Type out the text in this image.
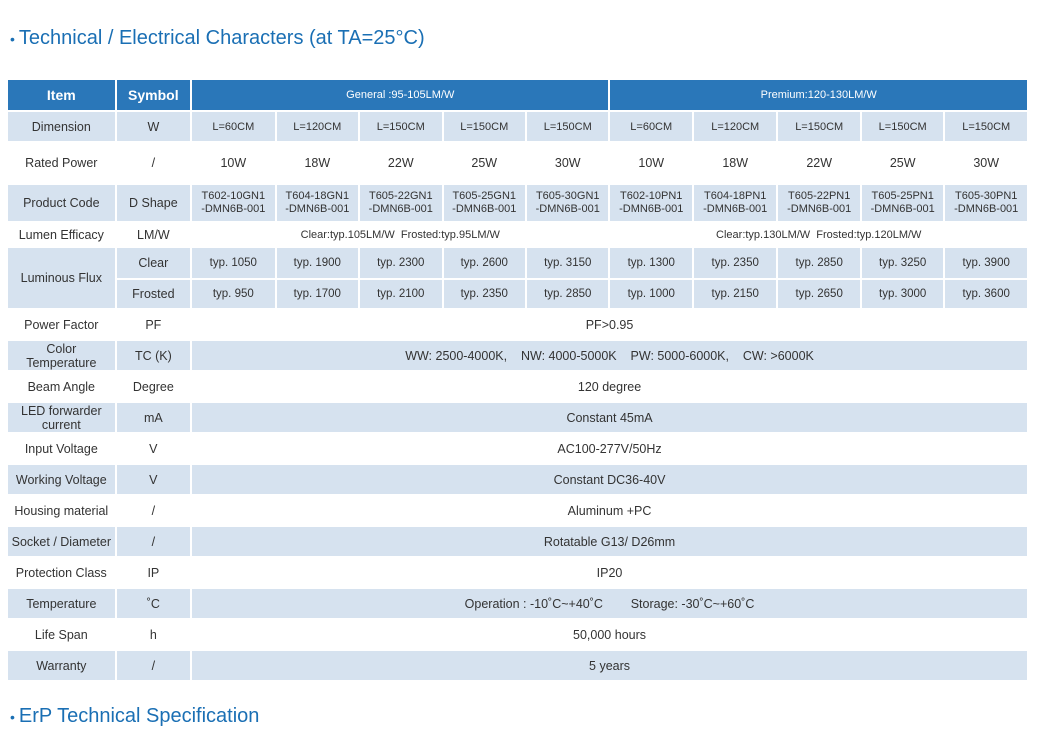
• Technical / Electrical Characters (at TA=25°C)
Item	Symbol	General :95-105LM/W					Premium:120-130LM/W				
Dimension	W	L=60CM	L=120CM	L=150CM	L=150CM	L=150CM	L=60CM	L=120CM	L=150CM	L=150CM	L=150CM
Rated Power	/	10W	18W	22W	25W	30W	10W	18W	22W	25W	30W
Product Code	D Shape	T602-10GN1
-DMN6B-001	T604-18GN1
-DMN6B-001	T605-22GN1
-DMN6B-001	T605-25GN1
-DMN6B-001	T605-30GN1
-DMN6B-001	T602-10PN1
-DMN6B-001	T604-18PN1
-DMN6B-001	T605-22PN1
-DMN6B-001	T605-25PN1
-DMN6B-001	T605-30PN1
-DMN6B-001
Lumen Efficacy	LM/W	Clear:typ.105LM/W  Frosted:typ.95LM/W					Clear:typ.130LM/W  Frosted:typ.120LM/W				
Luminous Flux	Clear	typ. 1050	typ. 1900	typ. 2300	typ. 2600	typ. 3150	typ. 1300	typ. 2350	typ. 2850	typ. 3250	typ. 3900
	Frosted	typ. 950	typ. 1700	typ. 2100	typ. 2350	typ. 2850	typ. 1000	typ. 2150	typ. 2650	typ. 3000	typ. 3600
Power Factor	PF	PF>0.95									
Color Temperature	TC (K)	WW: 2500-4000K,    NW: 4000-5000K    PW: 5000-6000K,    CW: >6000K									
Beam Angle	Degree	120 degree									
LED forwarder current	mA	Constant 45mA									
Input Voltage	V	AC100-277V/50Hz									
Working Voltage	V	Constant DC36-40V									
Housing material	/	Aluminum +PC									
Socket / Diameter	/	Rotatable G13/ D26mm									
Protection Class	IP	IP20									
Temperature	˚C	Operation : -10˚C~+40˚C        Storage: -30˚C~+60˚C									
Life Span	h	50,000 hours									
Warranty	/	5 years									
• ErP Technical Specification
